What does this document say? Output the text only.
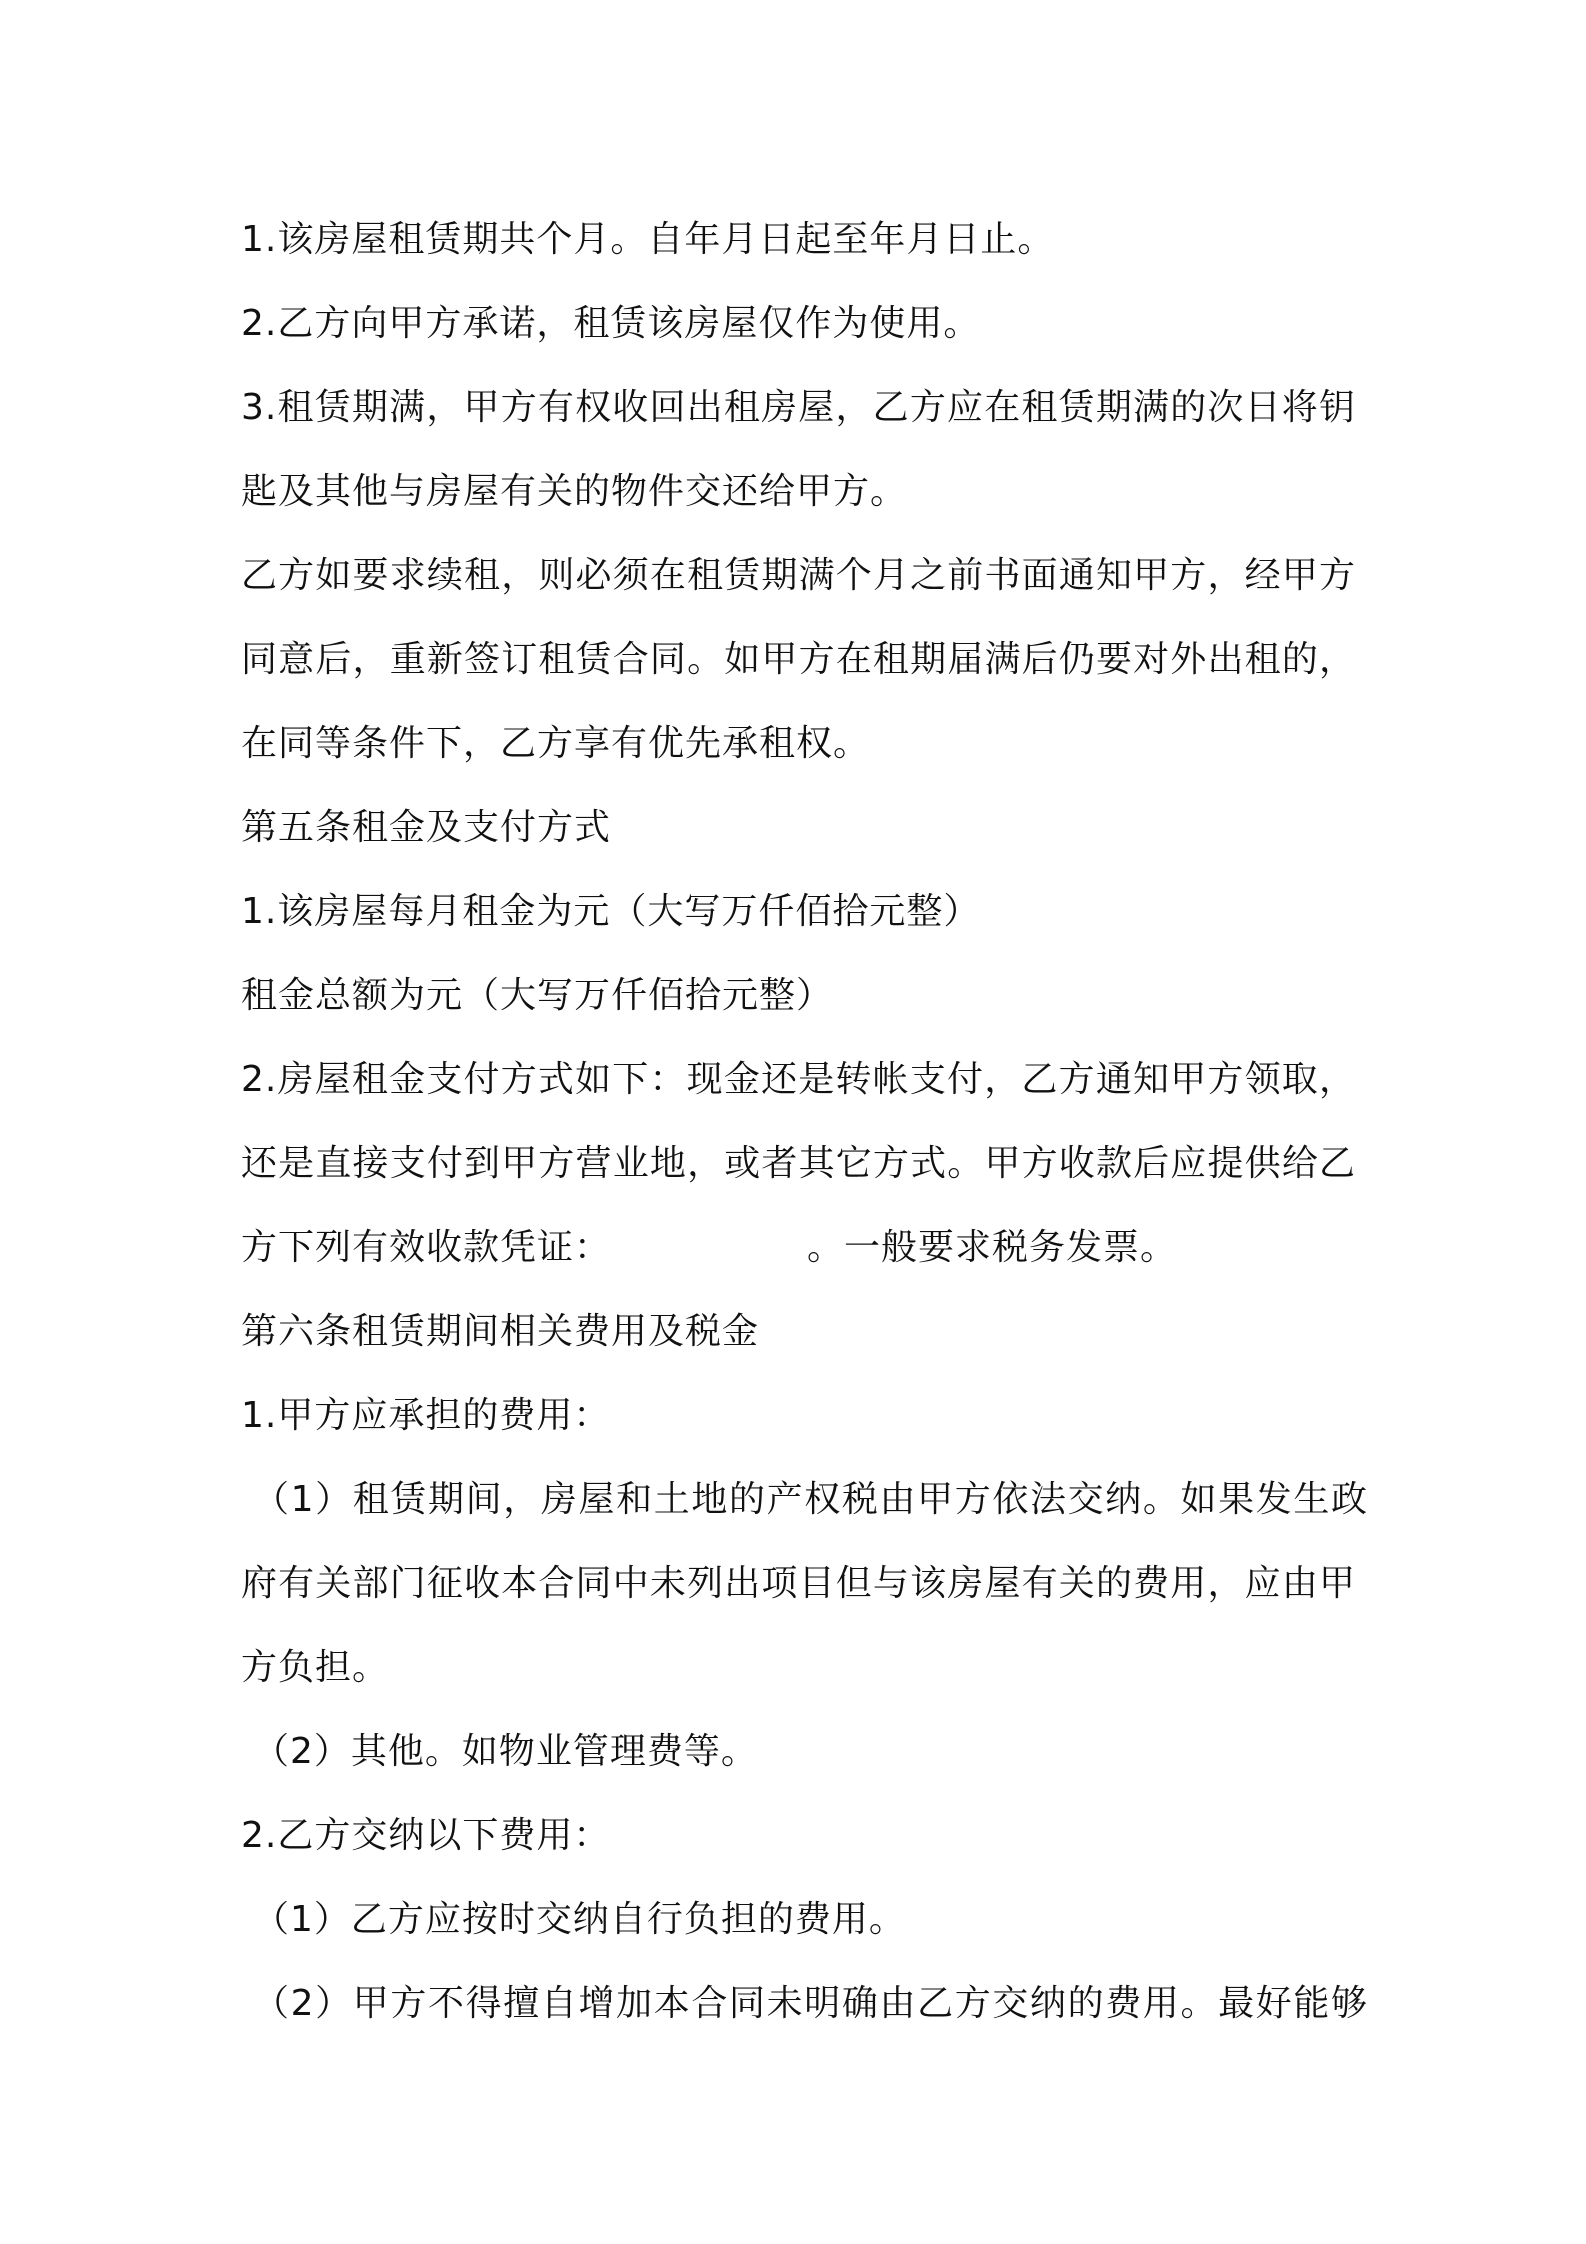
1.该房屋租赁期共个月。自年月日起至年月日止。
2.乙方向甲方承诺，租赁该房屋仅作为使用。
3.租赁期满，甲方有权收回出租房屋，乙方应在租赁期满的次日将钥
匙及其他与房屋有关的物件交还给甲方。
乙方如要求续租，则必须在租赁期满个月之前书面通知甲方，经甲方
同意后，重新签订租赁合同。如甲方在租期届满后仍要对外出租的，
在同等条件下，乙方享有优先承租权。
第五条租金及支付方式
1.该房屋每月租金为元（大写万仟佰拾元整）
租金总额为元（大写万仟佰拾元整）
2.房屋租金支付方式如下：现金还是转帐支付，乙方通知甲方领取，
还是直接支付到甲方营业地，或者其它方式。甲方收款后应提供给乙
方下列有效收款凭证：	。一般要求税务发票。
第六条租赁期间相关费用及税金
1.甲方应承担的费用：
（1）租赁期间，房屋和土地的产权税由甲方依法交纳。如果发生政
府有关部门征收本合同中未列出项目但与该房屋有关的费用，应由甲
方负担。
（2）其他。如物业管理费等。
2.乙方交纳以下费用：
（1）乙方应按时交纳自行负担的费用。
（2）甲方不得擅自增加本合同未明确由乙方交纳的费用。最好能够
